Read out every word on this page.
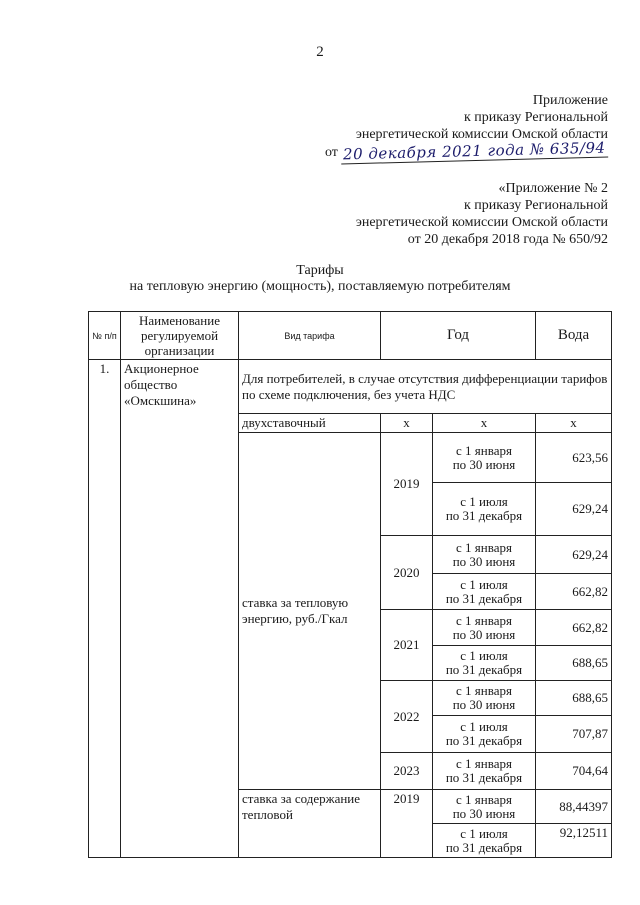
2
Приложение
к приказу Региональной
энергетической комиссии Омской области
от 20 декабря 2021 года № 635/94
«Приложение № 2
к приказу Региональной
энергетической комиссии Омской области
от 20 декабря 2018 года № 650/92
Тарифы
на тепловую энергию (мощность), поставляемую потребителям
№ п/п	Наименование регулируемой организации	Вид тарифа	Год		Вода
1.	Акционерное общество «Омскшина»	Для потребителей, в случае отсутствия дифференциации тарифов по схеме подключения, без учета НДС			
		двухставочный	х	х	х
		ставка за тепловую энергию, руб./Гкал	2019	с 1 января
по 30 июня	623,56

				с 1 июля
по 31 декабря	629,24
			2020	с 1 января
по 30 июня	629,24

				с 1 июля
по 31 декабря	662,82
			2021	с 1 января
по 30 июня	662,82

				с 1 июля
по 31 декабря	688,65
			2022	с 1 января
по 30 июня	688,65

				с 1 июля
по 31 декабря	707,87
			2023	с 1 января
по 31 декабря	704,64
		ставка за содержание тепловой	2019	с 1 января
по 30 июня	88,44397

				с 1 июля
по 31 декабря	92,12511
